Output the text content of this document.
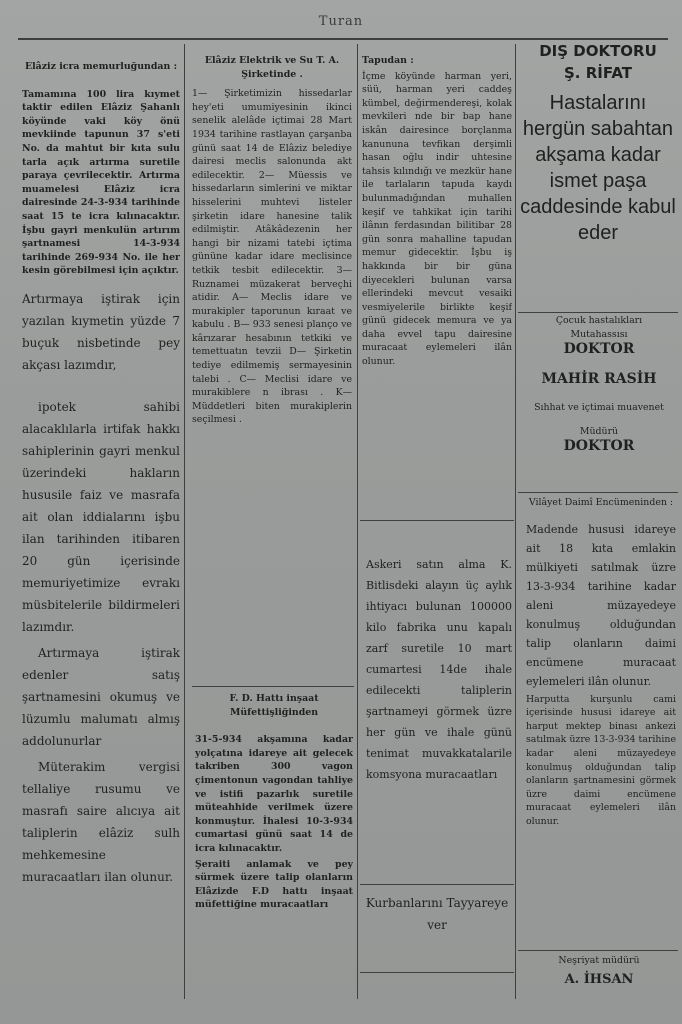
Turan

Elâziz icra memurluğundan :

Tamamına 100 lira kıymet taktir edilen Elâziz Şahanlı köyünde vaki köy önü mevkiinde tapunun 37 s'eti No. da mahtut bir kıta sulu tarla açık artırma suretile paraya çevrilecektir. Artırma muamelesi Elâziz icra dairesinde 24-3-934 tarihinde saat 15 te icra kılınacaktır. İşbu gayri menkulün artırım şartnamesi 14-3-934 tarihinde 269-934 No. ile her kesin görebilmesi için açıktır.

Artırmaya iştirak için yazılan kıymetin yüzde 7 buçuk nisbetinde pey akçası lazımdır,

ipotek sahibi alacaklılarla irtifak hakkı sahiplerinin gayri menkul üzerindeki hakların hususile faiz ve masrafa ait olan iddialarını işbu ilan tarihinden itibaren 20 gün içerisinde memuriyetimize evrakı müsbitelerile bildirmeleri lazımdır.

Artırmaya iştirak edenler satış şartnamesini okumuş ve lüzumlu malumatı almış addolunurlar

Müterakim vergisi tellaliye rusumu ve masrafı saire alıcıya ait taliplerin elâziz sulh mehkemesine muracaatları ilan olunur.

Elâziz Elektrik ve Su T. A. Şirketinde .

1— Şirketimizin hissedarlar hey'eti umumiyesinin ikinci senelik alelâde içtimai 28 Mart 1934 tarihine rastlayan çarşanba günü saat 14 de Elâziz belediye dairesi meclis salonunda akt edilecektir. 2— Müessis ve hissedarların simlerini ve miktar hisselerini muhtevi listeler şirketin idare hanesine talik edilmiştir. Atâkâdezenin her hangi bir nizami tatebi içtima gününe kadar idare meclisince tetkik tesbit edilecektir. 3— Ruznamei müzakerat berveçhi atidir. A— Meclis idare ve murakipler taporunun kıraat ve kabulu . B— 933 senesi planço ve kârızarar hesabının tetkiki ve temettuatın tevzii D— Şirketin tediye edilmemiş sermayesinin talebi . C— Meclisi idare ve murakiblere n ibrası . K— Müddetleri biten murakiplerin seçilmesi .

F. D. Hattı inşaat Müfettişliğinden

31-5-934 akşamına kadar yolçatına idareye ait gelecek takriben 300 vagon çimentonun vagondan tahliye ve istifi pazarlık suretile müteahhide verilmek üzere konmuştur. İhalesi 10-3-934 cumartasi günü saat 14 de icra kılınacaktır.

Şeraiti anlamak ve pey sürmek üzere talip olanların Elâzizde F.D hattı inşaat müfettiğine muracaatları

Tapudan :

İçme köyünde harman yeri, süü, harman yeri caddeş kümbel, değirmendereşi, kolak mevkileri nde bir bap hane iskân dairesince borçlanma kanununa tevfikan derşimli hasan oğlu indir uhtesine tahsis kılındığı ve mezkür hane ile tarlaların tapuda kaydı bulunmadığından muhallen keşif ve tahkikat için tarihi ilânın ferdasından bilitibar 28 gün sonra mahalline tapudan memur gidecektir. İşbu iş hakkında bir bir güna diyecekleri bulunan varsa ellerindeki mevcut vesaiki vesmiyelerile birlikte keşif günü gidecek memura ve ya daha evvel tapu dairesine muracaat eylemeleri ilân olunur.

Askeri satın alma K. Bitlisdeki alayın üç aylık ihtiyacı bulunan 100000 kilo fabrika unu kapalı zarf suretile 10 mart cumartesi 14de ihale edilecekti taliplerin şartnameyi görmek üzre her gün ve ihale günü tenimat muvakkatalarile komsyona muracaatları

Kurbanlarını Tayyareye ver

DIŞ DOKTORU

Ş. RİFAT

Hastalarını hergün sabahtan akşama kadar ismet paşa caddesinde kabul eder

Çocuk hastalıkları

Mutahassısı

DOKTOR

MAHİR RASİH

Sıhhat ve içtimai muavenet

Müdürü

DOKTOR

Vilâyet Daimî Encümeninden :

Madende hususi idareye ait 18 kıta emlakin mülkiyeti satılmak üzre 13-3-934 tarihine kadar aleni müzayedeye konulmuş olduğundan talip olanların daimi encümene muracaat eylemeleri ilân olunur.

Harputta kurşunlu cami içerisinde hususi idareye ait harput mektep binası ankezi satılmak üzre 13-3-934 tarihine kadar aleni müzayedeye konulmuş olduğundan talip olanların şartnamesini görmek üzre daimi encümene muracaat eylemeleri ilân olunur.

Neşriyat müdürü

A. İHSAN
